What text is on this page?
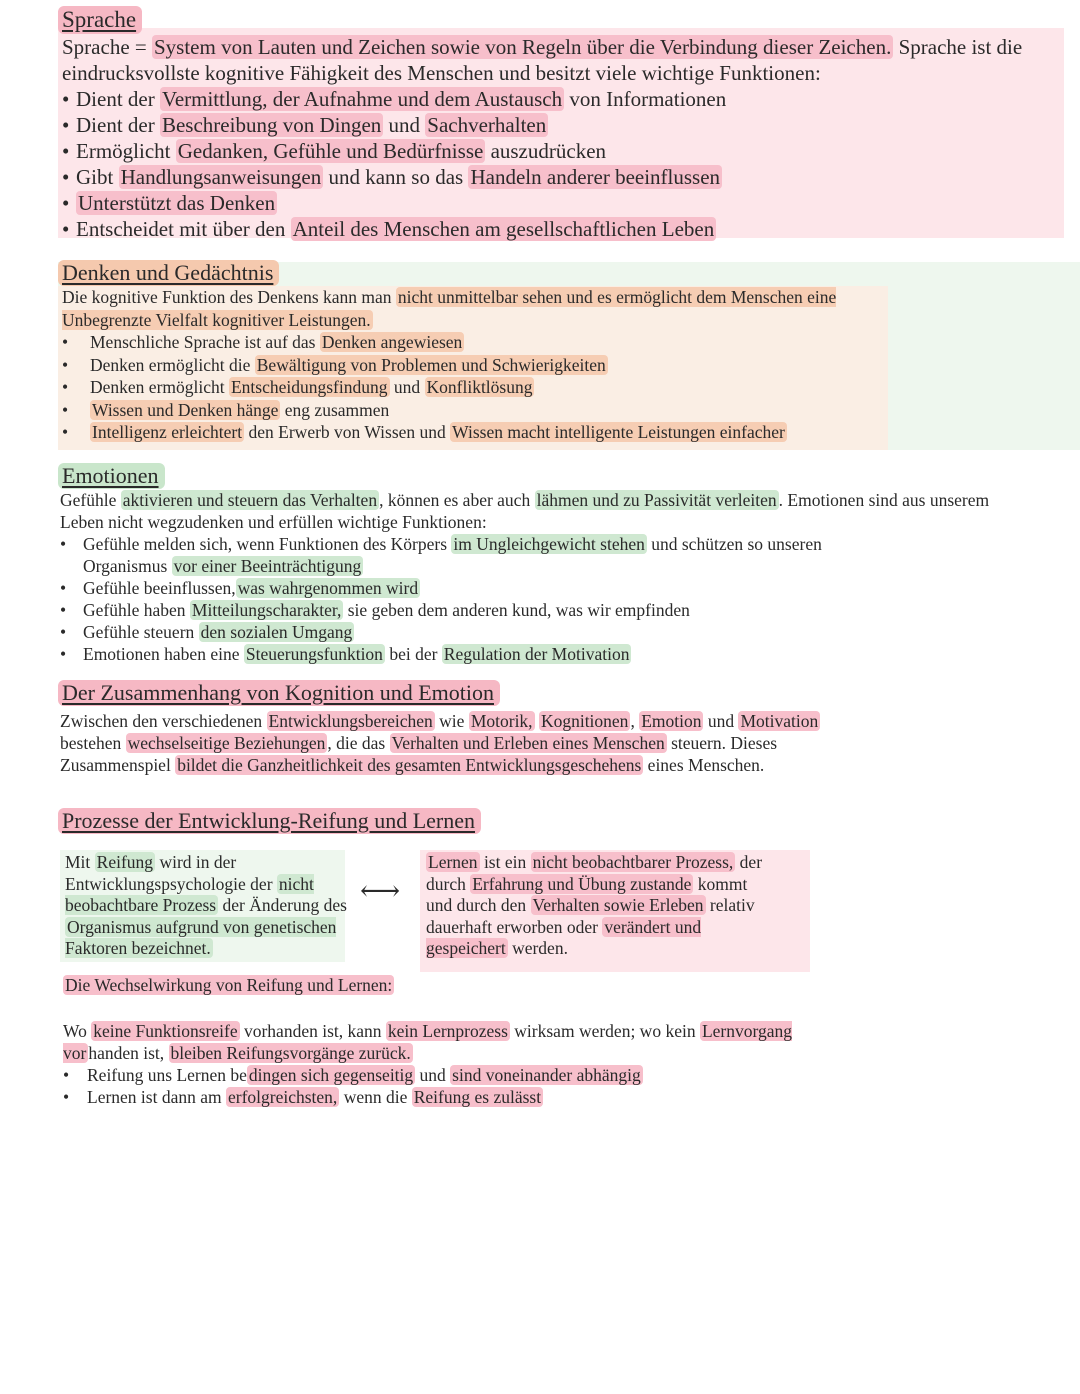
Sprache

Sprache = System von Lauten und Zeichen sowie von Regeln über die Verbindung dieser Zeichen. Sprache ist die eindrucksvollste kognitive Fähigkeit des Menschen und besitzt viele wichtige Funktionen:

• Dient der Vermittlung, der Aufnahme und dem Austausch von Informationen
• Dient der Beschreibung von Dingen und Sachverhalten
• Ermöglicht Gedanken, Gefühle und Bedürfnisse auszudrücken
• Gibt Handlungsanweisungen und kann so das Handeln anderer beeinflussen
• Unterstützt das Denken
• Entscheidet mit über den Anteil des Menschen am gesellschaftlichen Leben
Denken und Gedächtnis

Die kognitive Funktion des Denkens kann man nicht unmittelbar sehen und es ermöglicht dem Menschen eine Unbegrenzte Vielfalt kognitiver Leistungen.

• Menschliche Sprache ist auf das Denken angewiesen
• Denken ermöglicht die Bewältigung von Problemen und Schwierigkeiten
• Denken ermöglicht Entscheidungsfindung und Konfliktlösung
• Wissen und Denken hänge eng zusammen
• Intelligenz erleichtert den Erwerb von Wissen und Wissen macht intelligente Leistungen einfacher
Emotionen

Gefühle aktivieren und steuern das Verhalten , können es aber auch lähmen und zu Passivität verleiten . Emotionen sind aus unserem Leben nicht wegzudenken und erfüllen wichtige Funktionen:

• Gefühle melden sich, wenn Funktionen des Körpers im Ungleichgewicht stehen und schützen so unseren Organismus vor einer Beeinträchtigung
• Gefühle beeinflussen, was wahrgenommen wird
• Gefühle haben Mitteilungscharakter, sie geben dem anderen kund, was wir empfinden
• Gefühle steuern den sozialen Umgang
• Emotionen haben eine Steuerungsfunktion bei der Regulation der Motivation
Der Zusammenhang von Kognition und Emotion

Zwischen den verschiedenen Entwicklungsbereichen wie Motorik, Kognitionen , Emotion und Motivation bestehen wechselseitige Beziehungen , die das Verhalten und Erleben eines Menschen steuern. Dieses Zusammenspiel bildet die Ganzheitlichkeit des gesamten Entwicklungsgeschehens eines Menschen.

Prozesse der Entwicklung-Reifung und Lernen

Mit Reifung wird in der Entwicklungspsychologie der nicht beobachtbare Prozess der Änderung des Organismus aufgrund von genetischen Faktoren bezeichnet.

⟷

Lernen ist ein nicht beobachtbarer Prozess, der durch Erfahrung und Übung zustande kommt und durch den Verhalten sowie Erleben relativ dauerhaft erworben oder verändert und gespeichert werden.

Die Wechselwirkung von Reifung und Lernen:

Wo keine Funktionsreife vorhanden ist, kann kein Lernprozess wirksam werden; wo kein Lernvorgang vor handen ist, bleiben Reifungsvorgänge zurück.

• Reifung uns Lernen be dingen sich gegenseitig und sind voneinander abhängig
• Lernen ist dann am erfolgreichsten, wenn die Reifung es zulässt
